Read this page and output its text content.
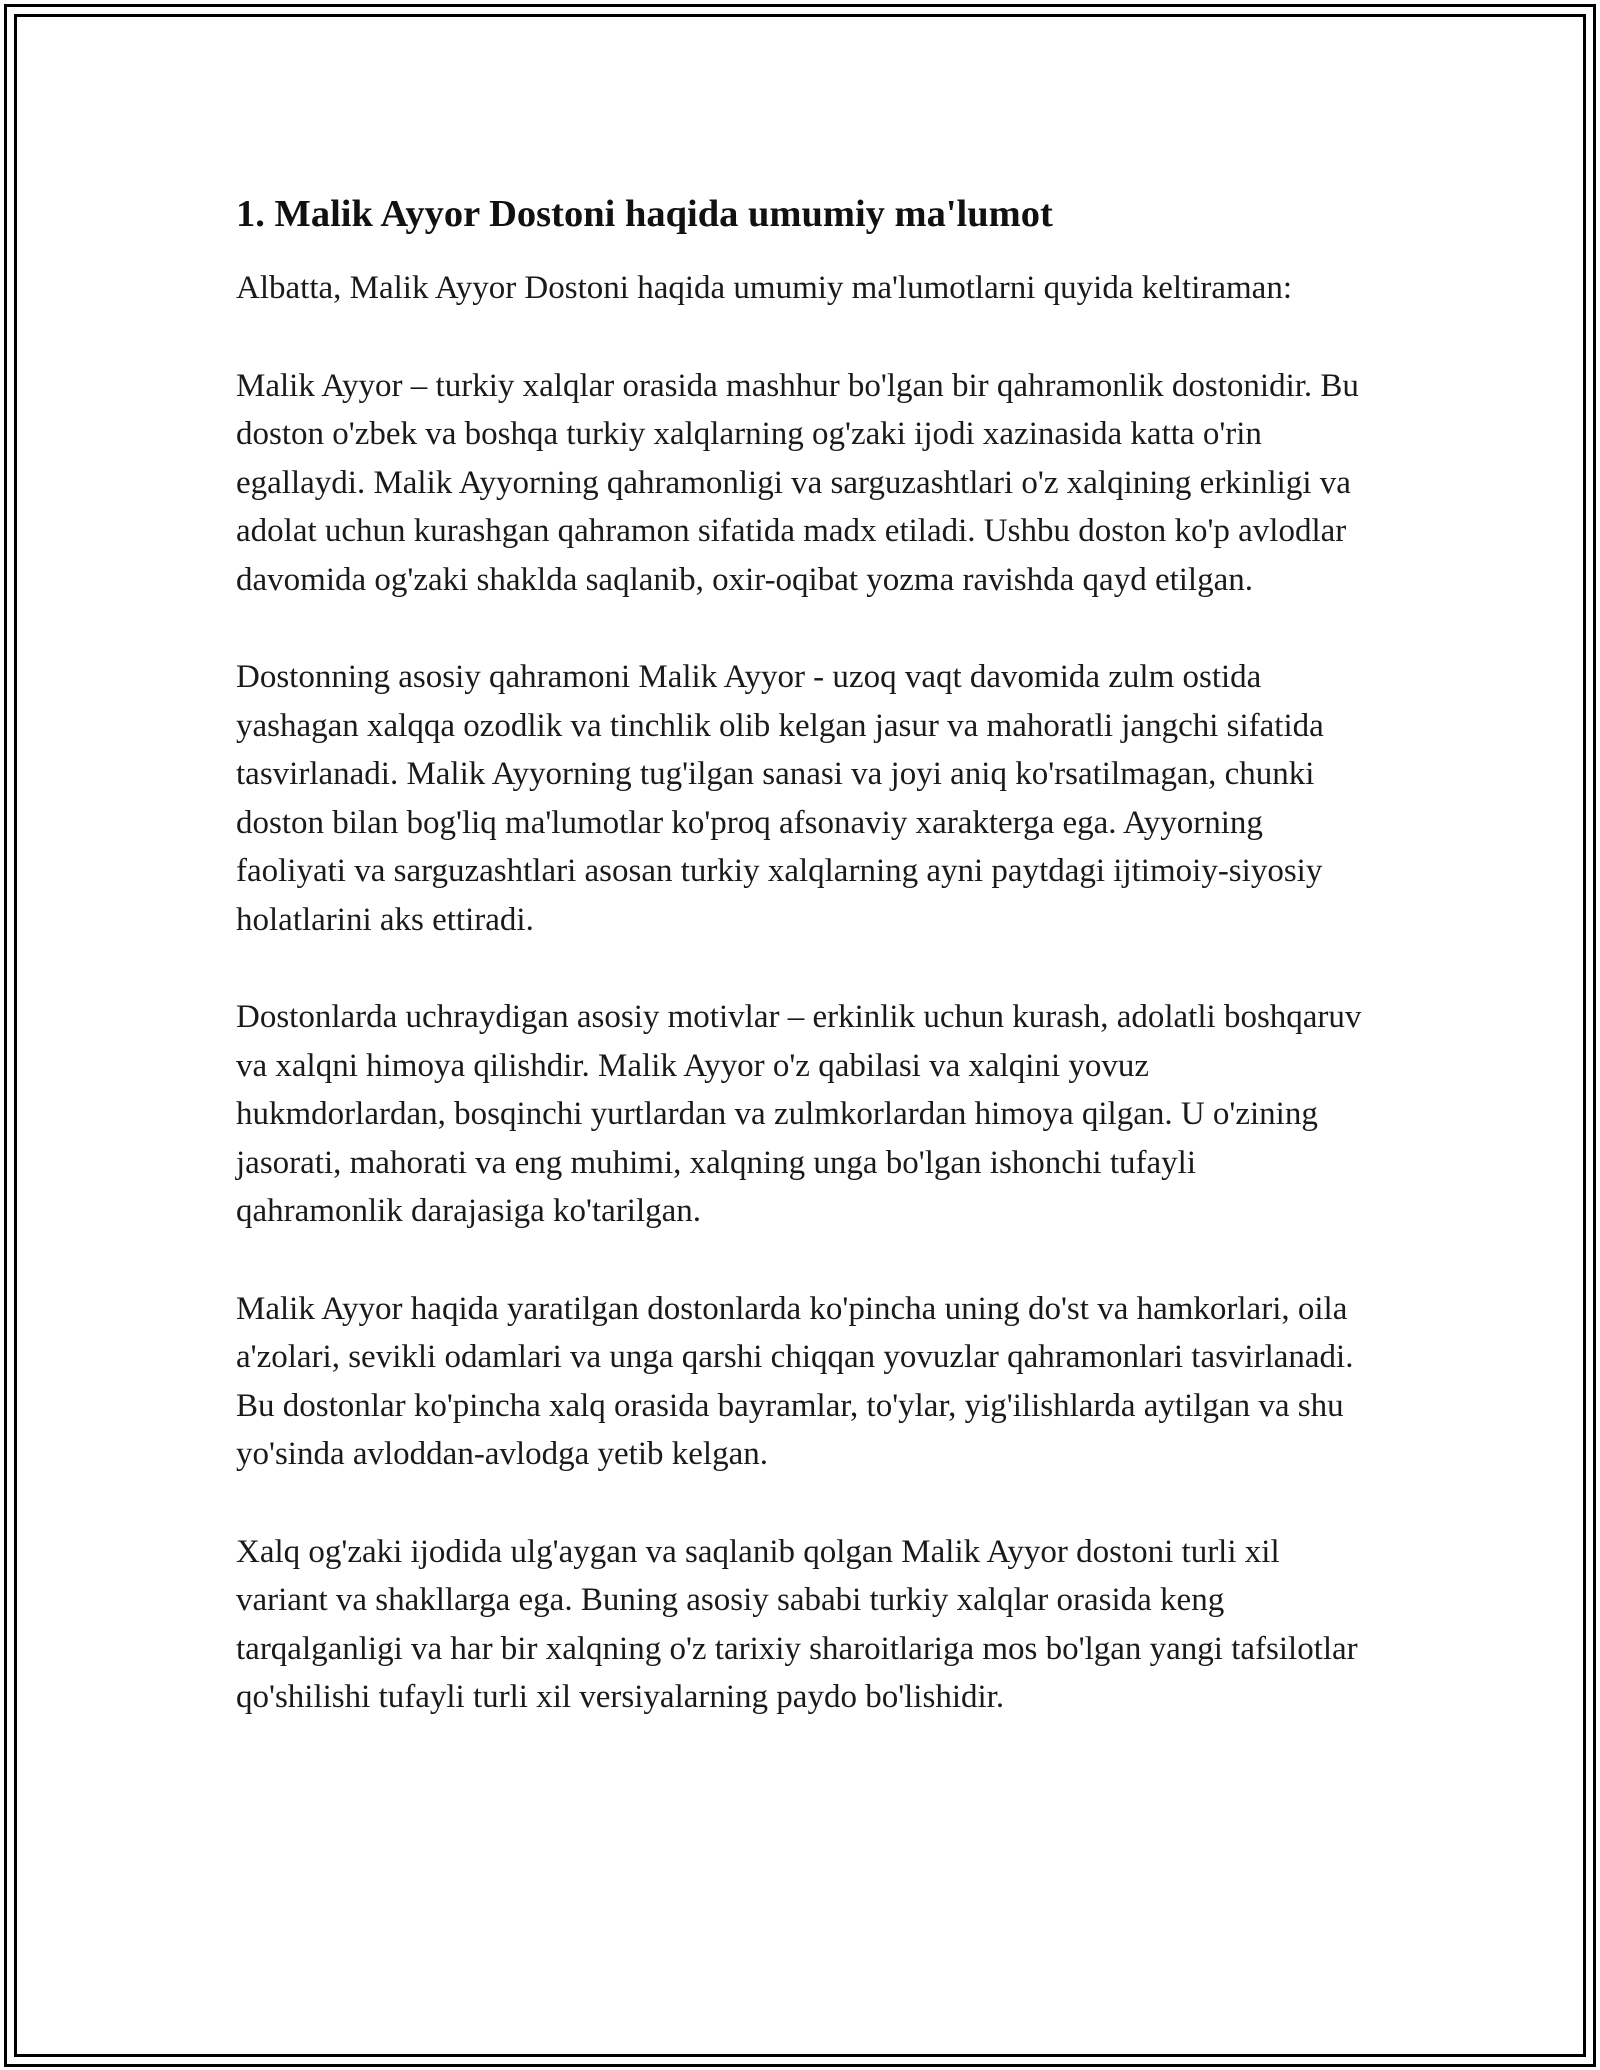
1. Malik Ayyor Dostoni haqida umumiy ma'lumot

Albatta, Malik Ayyor Dostoni haqida umumiy ma'lumotlarni quyida keltiraman:

Malik Ayyor – turkiy xalqlar orasida mashhur bo'lgan bir qahramonlik dostonidir. Bu doston o'zbek va boshqa turkiy xalqlarning og'zaki ijodi xazinasida katta o'rin egallaydi. Malik Ayyorning qahramonligi va sarguzashtlari o'z xalqining erkinligi va adolat uchun kurashgan qahramon sifatida madx etiladi. Ushbu doston ko'p avlodlar davomida og'zaki shaklda saqlanib, oxir-oqibat yozma ravishda qayd etilgan.

Dostonning asosiy qahramoni Malik Ayyor - uzoq vaqt davomida zulm ostida yashagan xalqqa ozodlik va tinchlik olib kelgan jasur va mahoratli jangchi sifatida tasvirlanadi. Malik Ayyorning tug'ilgan sanasi va joyi aniq ko'rsatilmagan, chunki doston bilan bog'liq ma'lumotlar ko'proq afsonaviy xarakterga ega. Ayyorning faoliyati va sarguzashtlari asosan turkiy xalqlarning ayni paytdagi ijtimoiy-siyosiy holatlarini aks ettiradi.

Dostonlarda uchraydigan asosiy motivlar – erkinlik uchun kurash, adolatli boshqaruv va xalqni himoya qilishdir. Malik Ayyor o'z qabilasi va xalqini yovuz hukmdorlardan, bosqinchi yurtlardan va zulmkorlardan himoya qilgan. U o'zining jasorati, mahorati va eng muhimi, xalqning unga bo'lgan ishonchi tufayli qahramonlik darajasiga ko'tarilgan.

Malik Ayyor haqida yaratilgan dostonlarda ko'pincha uning do'st va hamkorlari, oila a'zolari, sevikli odamlari va unga qarshi chiqqan yovuzlar qahramonlari tasvirlanadi. Bu dostonlar ko'pincha xalq orasida bayramlar, to'ylar, yig'ilishlarda aytilgan va shu yo'sinda avloddan-avlodga yetib kelgan.

Xalq og'zaki ijodida ulg'aygan va saqlanib qolgan Malik Ayyor dostoni turli xil variant va shakllarga ega. Buning asosiy sababi turkiy xalqlar orasida keng tarqalganligi va har bir xalqning o'z tarixiy sharoitlariga mos bo'lgan yangi tafsilotlar qo'shilishi tufayli turli xil versiyalarning paydo bo'lishidir.
